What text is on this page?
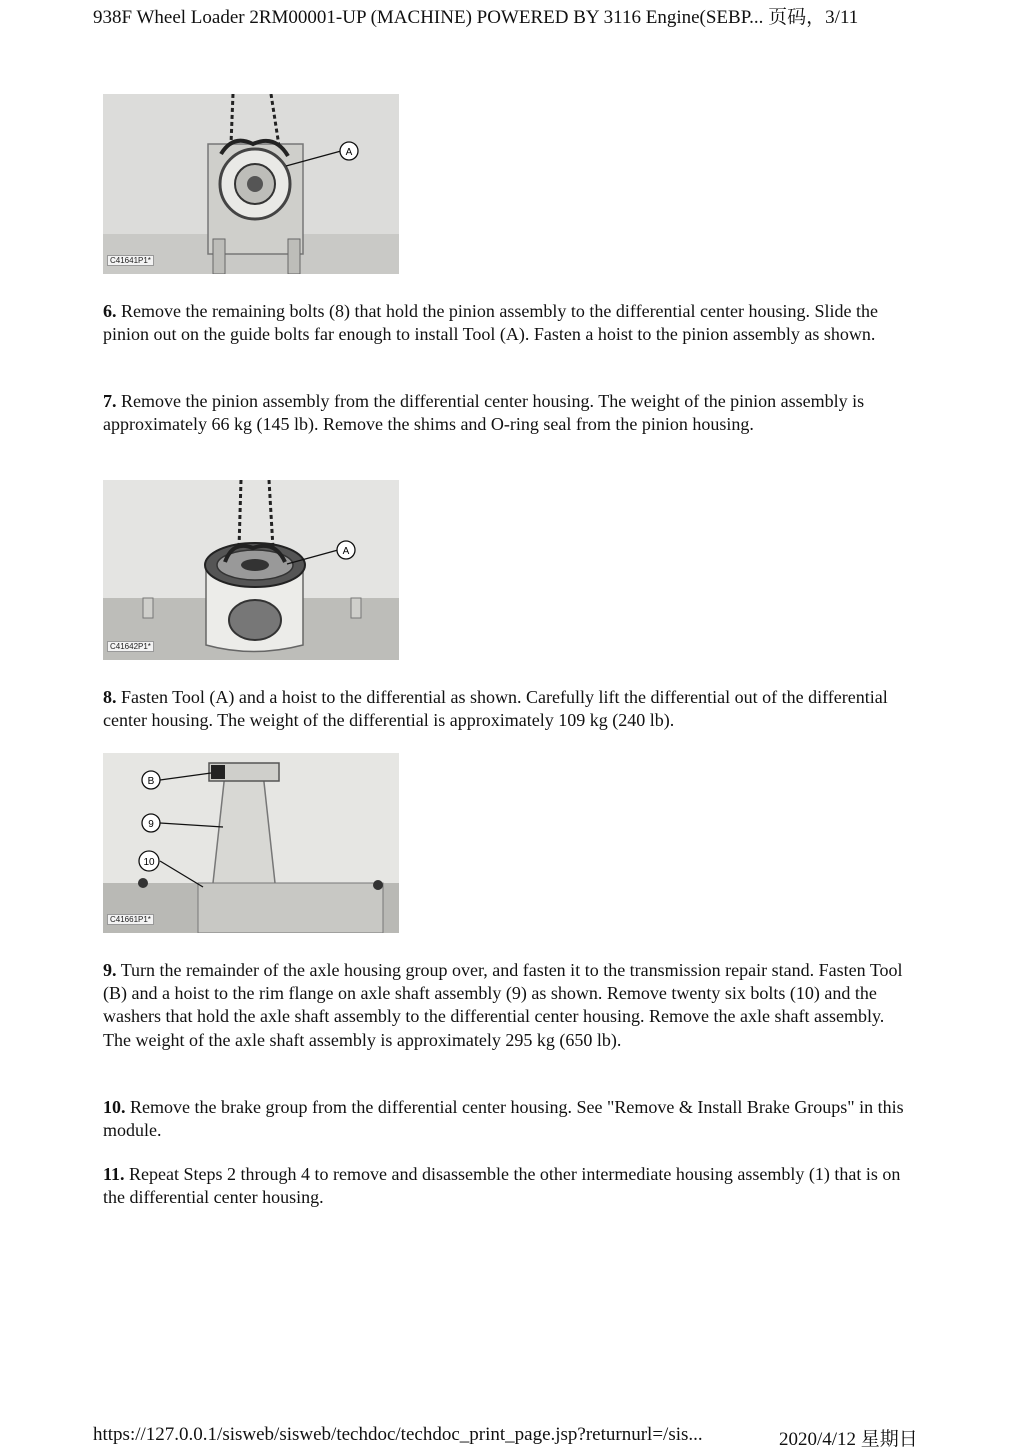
938F Wheel Loader 2RM00001-UP (MACHINE) POWERED BY 3116 Engine(SEBP... 页码，3/11
A
C41641P1*
6. Remove the remaining bolts (8) that hold the pinion assembly to the differential center housing. Slide the pinion out on the guide bolts far enough to install Tool (A). Fasten a hoist to the pinion assembly as shown.
7. Remove the pinion assembly from the differential center housing. The weight of the pinion assembly is approximately 66 kg (145 lb). Remove the shims and O-ring seal from the pinion housing.
A
C41642P1*
8. Fasten Tool (A) and a hoist to the differential as shown. Carefully lift the differential out of the differential center housing. The weight of the differential is approximately 109 kg (240 lb).
B
9
10
C41661P1*
9. Turn the remainder of the axle housing group over, and fasten it to the transmission repair stand. Fasten Tool (B) and a hoist to the rim flange on axle shaft assembly (9) as shown. Remove twenty six bolts (10) and the washers that hold the axle shaft assembly to the differential center housing. Remove the axle shaft assembly. The weight of the axle shaft assembly is approximately 295 kg (650 lb).
10. Remove the brake group from the differential center housing. See "Remove & Install Brake Groups" in this module.
11. Repeat Steps 2 through 4 to remove and disassemble the other intermediate housing assembly (1) that is on the differential center housing.
https://127.0.0.1/sisweb/sisweb/techdoc/techdoc_print_page.jsp?returnurl=/sis...	2020/4/12 星期日
